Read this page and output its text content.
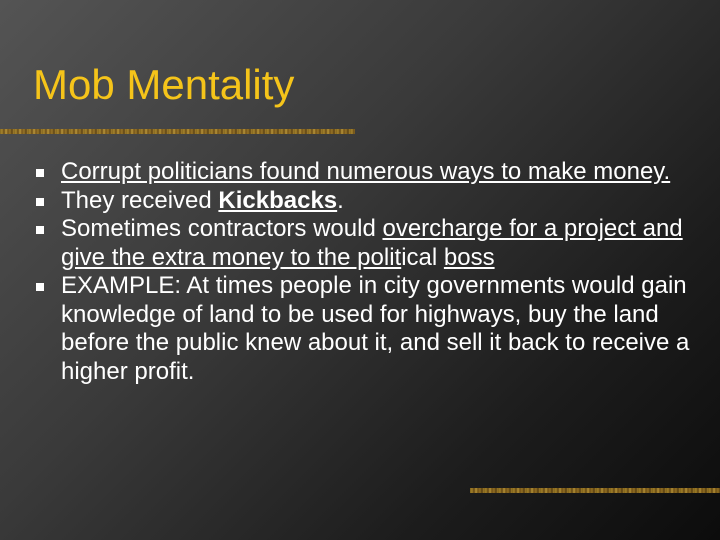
Mob Mentality
Corrupt politicians found numerous ways to make money.
They received Kickbacks.
Sometimes contractors would overcharge for a project and give the extra money to the political boss
EXAMPLE: At times people in city governments would gain knowledge of land to be used for highways, buy the land before the public knew about it, and sell it back to receive a higher profit.
